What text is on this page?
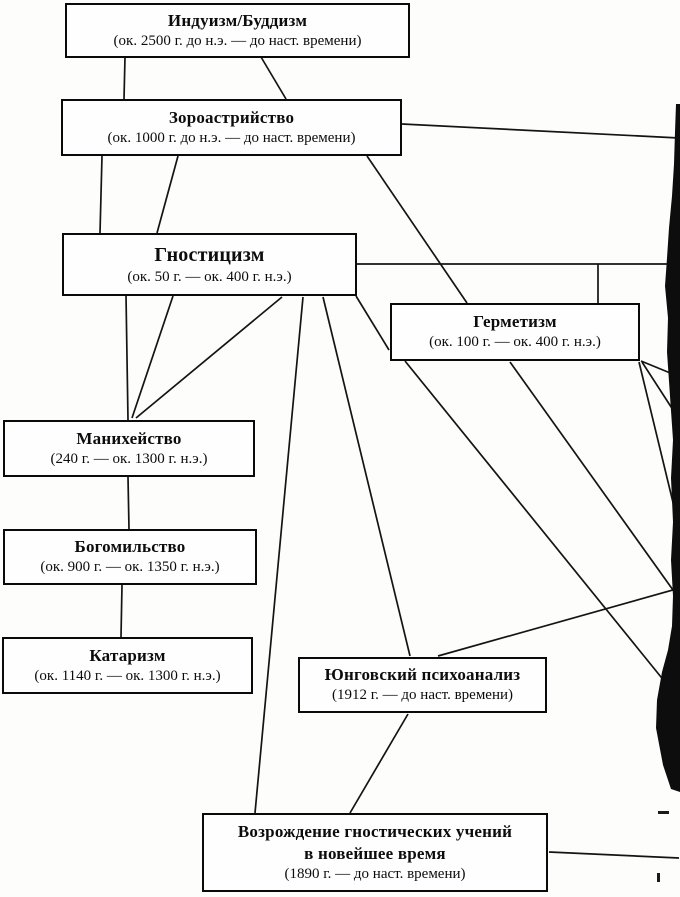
Индуизм/Буддизм
(ок. 2500 г. до н.э. — до наст. времени)
Зороастрийство
(ок. 1000 г. до н.э. — до наст. времени)
Гностицизм
(ок. 50 г. — ок. 400 г. н.э.)
Герметизм
(ок. 100 г. — ок. 400 г. н.э.)
Манихейство
(240 г. — ок. 1300 г. н.э.)
Богомильство
(ок. 900 г. — ок. 1350 г. н.э.)
Катаризм
(ок. 1140 г. — ок. 1300 г. н.э.)	Юнговский психоанализ
(1912 г. — до наст. времени)
Возрождение гностических учений
в новейшее время
(1890 г. — до наст. времени)
